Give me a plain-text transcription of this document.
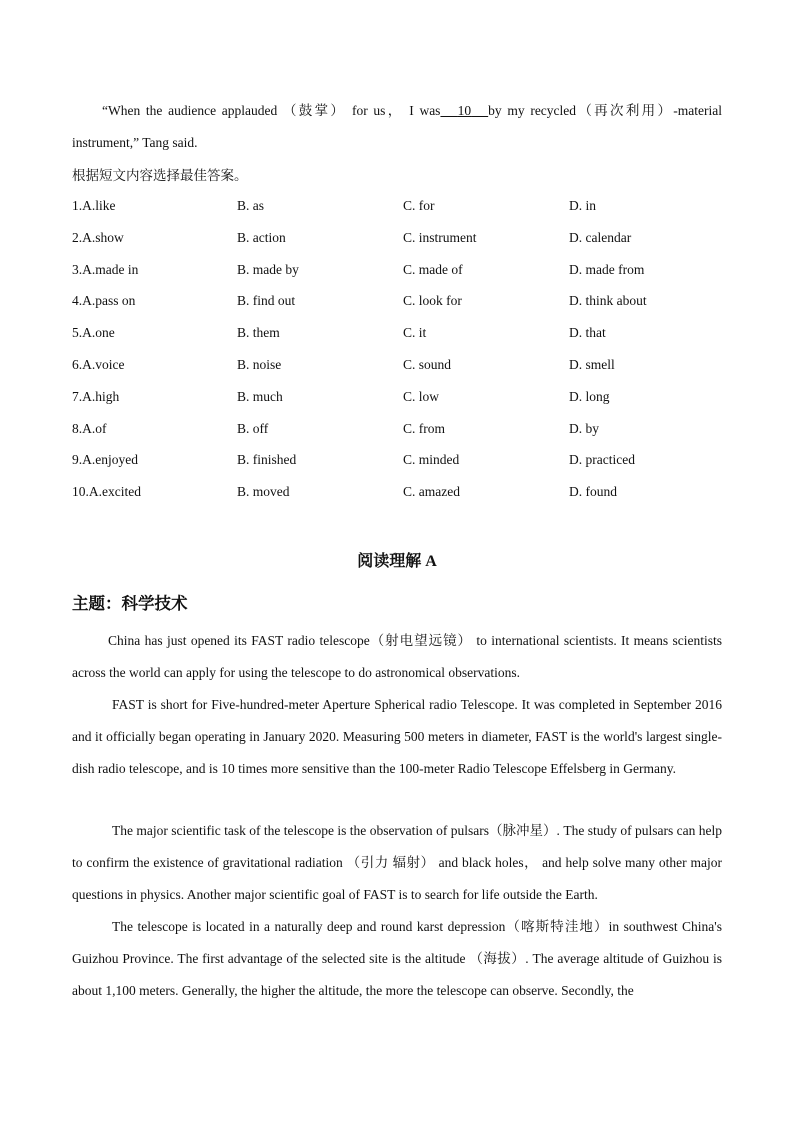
“When the audience applauded （鼓掌） for us， I was 10 by my recycled（再次利用）-material instrument,” Tang said.

根据短文内容选择最佳答案。

1.A.like	B. as	C. for	D. in
2.A.show	B. action	C. instrument	D. calendar
3.A.made in	B. made by	C. made of	D. made from
4.A.pass on	B. find out	C. look for	D. think about
5.A.one	B. them	C. it	D. that
6.A.voice	B. noise	C. sound	D. smell
7.A.high	B. much	C. low	D. long
8.A.of	B. off	C. from	D. by
9.A.enjoyed	B. finished	C. minded	D. practiced
10.A.excited	B. moved	C. amazed	D. found
阅读理解 A
主题：科学技术

China has just opened its FAST radio telescope（射电望远镜） to international scientists. It means scientists across the world can apply for using the telescope to do astronomical observations.

FAST is short for Five-hundred-meter Aperture Spherical radio Telescope. It was completed in September 2016 and it officially began operating in January 2020. Measuring 500 meters in diameter, FAST is the world's largest single-dish radio telescope, and is 10 times more sensitive than the 100-meter Radio Telescope Effelsberg in Germany.

The major scientific task of the telescope is the observation of pulsars（脉冲星）. The study of pulsars can help to confirm the existence of gravitational radiation （引力 辐射） and black holes， and help solve many other major questions in physics. Another major scientific goal of FAST is to search for life outside the Earth.

The telescope is located in a naturally deep and round karst depression（喀斯特洼地）in southwest China's Guizhou Province. The first advantage of the selected site is the altitude （海拔）. The average altitude of Guizhou is about 1,100 meters. Generally, the higher the altitude, the more the telescope can observe. Secondly, the
